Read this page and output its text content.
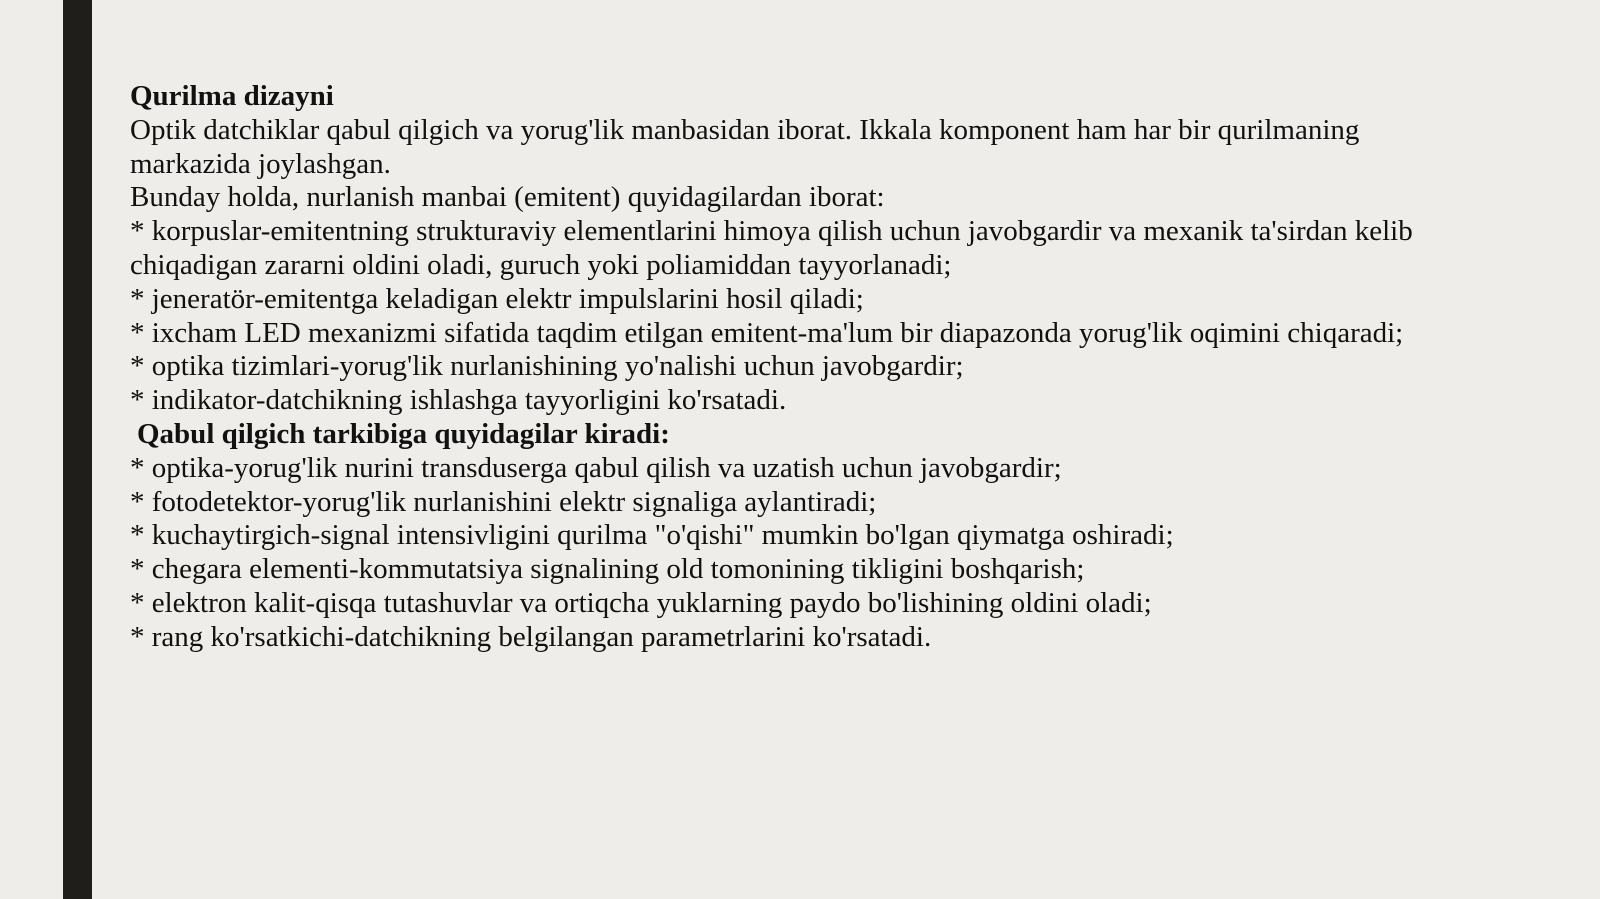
Qurilma dizayni
Optik datchiklar qabul qilgich va yorug'lik manbasidan iborat. Ikkala komponent ham har bir qurilmaning
markazida joylashgan.
Bunday holda, nurlanish manbai (emitent) quyidagilardan iborat:
* korpuslar-emitentning strukturaviy elementlarini himoya qilish uchun javobgardir va mexanik ta'sirdan kelib
chiqadigan zararni oldini oladi, guruch yoki poliamiddan tayyorlanadi;
* jeneratör-emitentga keladigan elektr impulslarini hosil qiladi;
* ixcham LED mexanizmi sifatida taqdim etilgan emitent-ma'lum bir diapazonda yorug'lik oqimini chiqaradi;
* optika tizimlari-yorug'lik nurlanishining yo'nalishi uchun javobgardir;
* indikator-datchikning ishlashga tayyorligini ko'rsatadi.
Qabul qilgich tarkibiga quyidagilar kiradi:
* optika-yorug'lik nurini transduserga qabul qilish va uzatish uchun javobgardir;
* fotodetektor-yorug'lik nurlanishini elektr signaliga aylantiradi;
* kuchaytirgich-signal intensivligini qurilma "o'qishi" mumkin bo'lgan qiymatga oshiradi;
* chegara elementi-kommutatsiya signalining old tomonining tikligini boshqarish;
* elektron kalit-qisqa tutashuvlar va ortiqcha yuklarning paydo bo'lishining oldini oladi;
* rang ko'rsatkichi-datchikning belgilangan parametrlarini ko'rsatadi.
